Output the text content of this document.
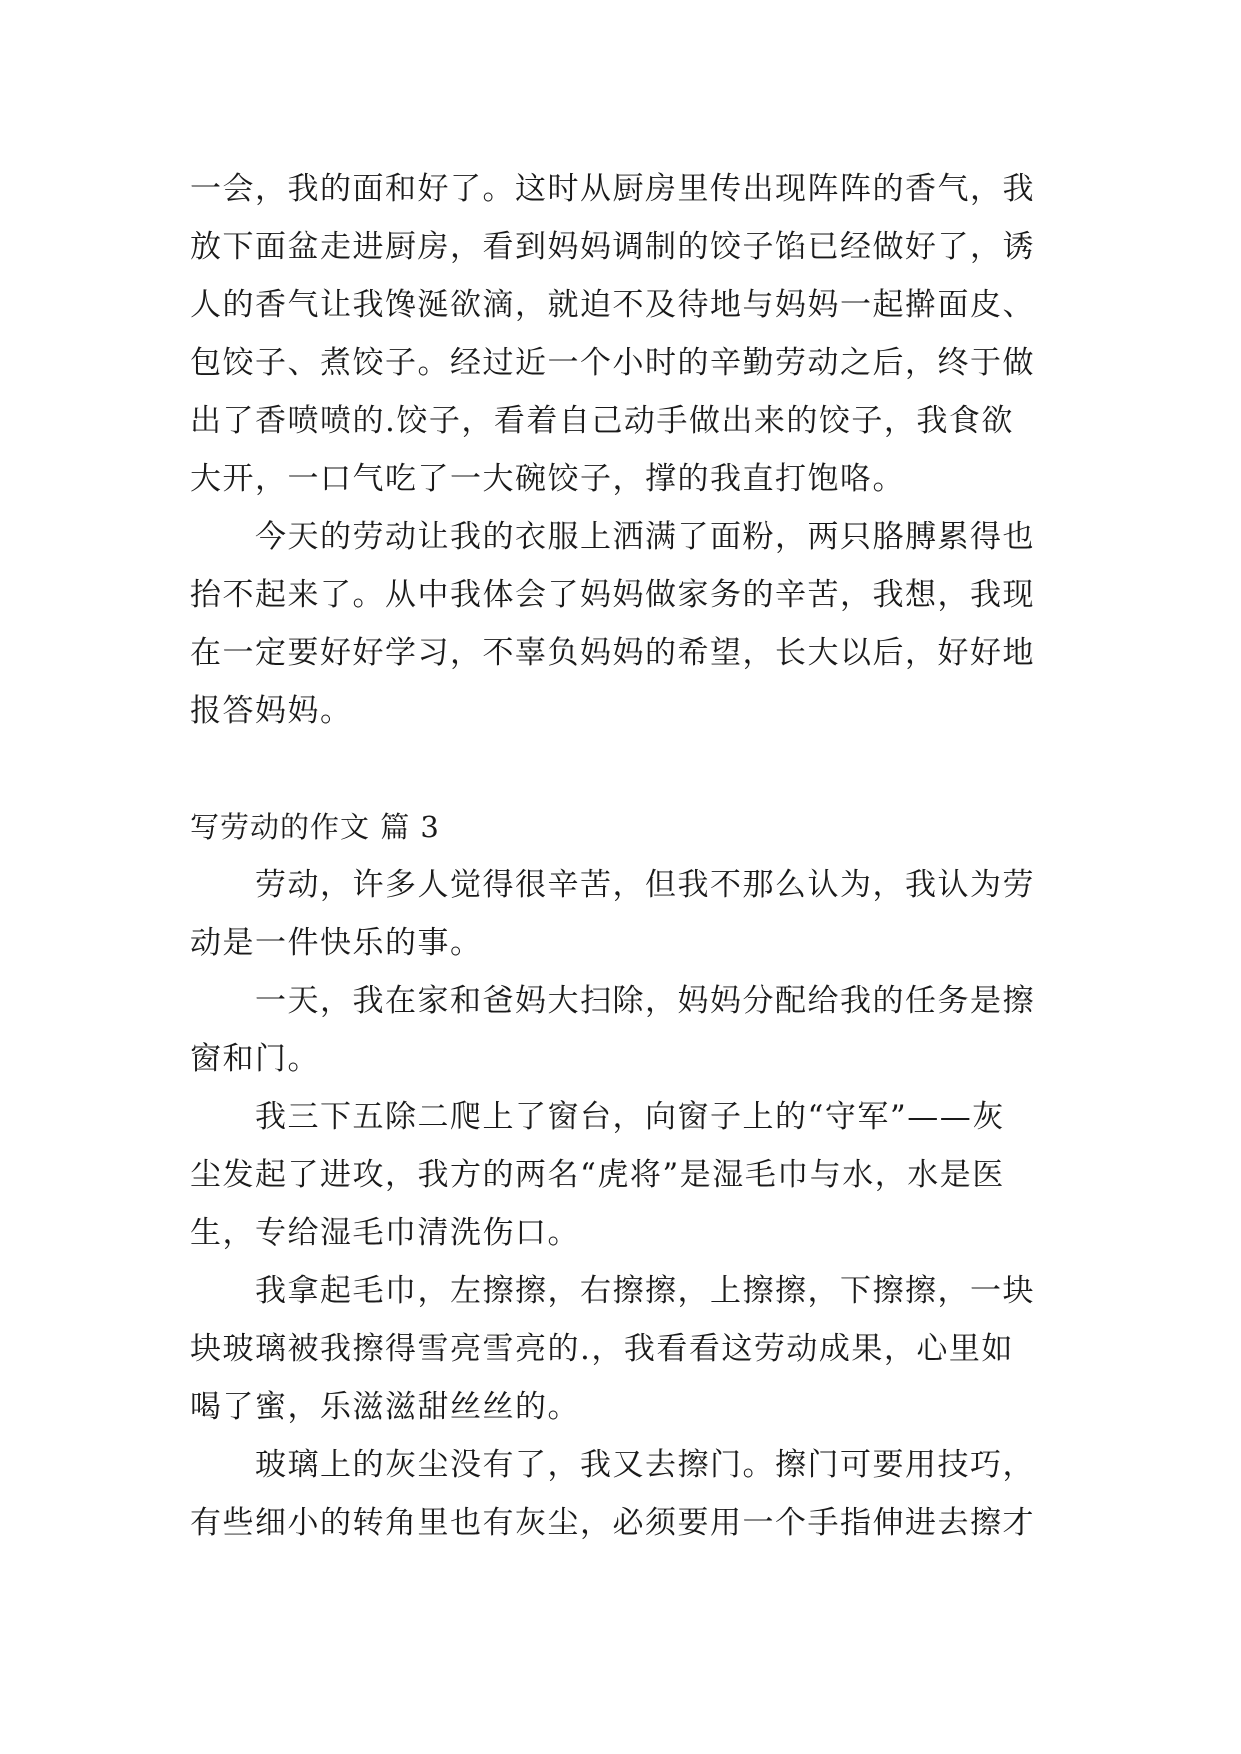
一会，我的面和好了。这时从厨房里传出现阵阵的香气，我
放下面盆走进厨房，看到妈妈调制的饺子馅已经做好了，诱
人的香气让我馋涎欲滴，就迫不及待地与妈妈一起擀面皮、
包饺子、煮饺子。经过近一个小时的辛勤劳动之后，终于做
出了香喷喷的.饺子，看着自己动手做出来的饺子，我食欲
大开，一口气吃了一大碗饺子，撑的我直打饱咯。
　　今天的劳动让我的衣服上洒满了面粉，两只胳膊累得也
抬不起来了。从中我体会了妈妈做家务的辛苦，我想，我现
在一定要好好学习，不辜负妈妈的希望，长大以后，好好地
报答妈妈。
写劳动的作文 篇 3
　　劳动，许多人觉得很辛苦，但我不那么认为，我认为劳
动是一件快乐的事。
　　一天，我在家和爸妈大扫除，妈妈分配给我的任务是擦
窗和门。
　　我三下五除二爬上了窗台，向窗子上的“守军”——灰
尘发起了进攻，我方的两名“虎将”是湿毛巾与水，水是医
生，专给湿毛巾清洗伤口。
　　我拿起毛巾，左擦擦，右擦擦，上擦擦，下擦擦，一块
块玻璃被我擦得雪亮雪亮的.，我看看这劳动成果，心里如
喝了蜜，乐滋滋甜丝丝的。
　　玻璃上的灰尘没有了，我又去擦门。擦门可要用技巧，
有些细小的转角里也有灰尘，必须要用一个手指伸进去擦才
